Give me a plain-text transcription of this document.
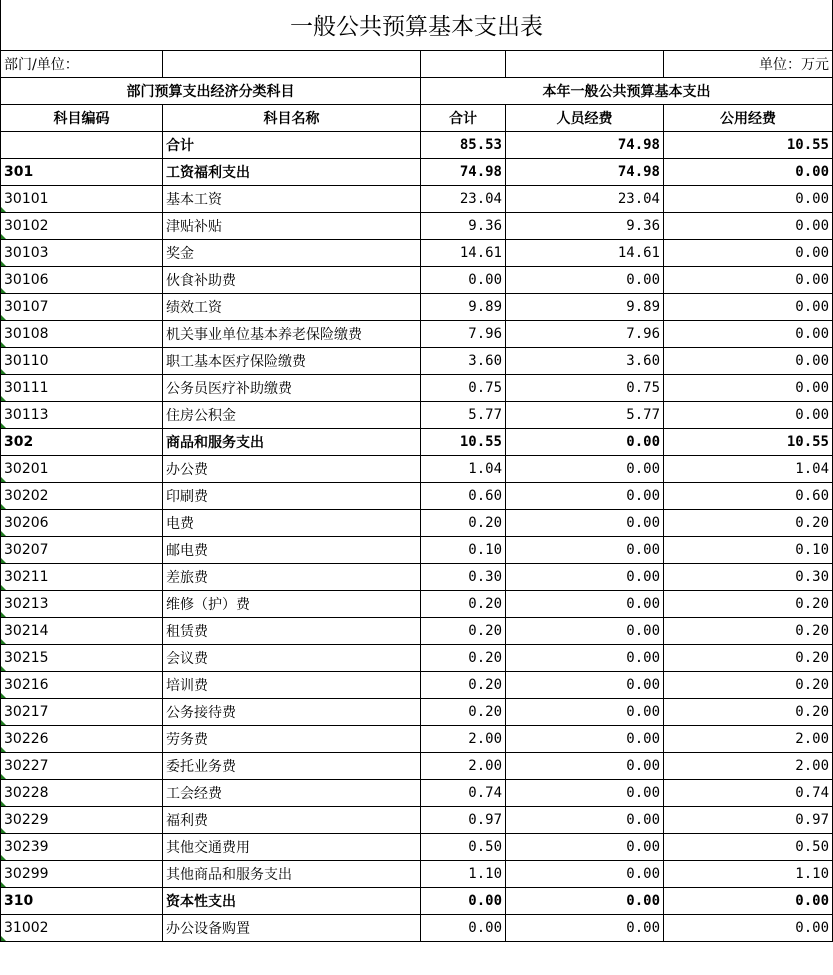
一般公共预算基本支出表				
部门/单位：				单位：万元
部门预算支出经济分类科目		本年一般公共预算基本支出		
科目编码	科目名称	合计	人员经费	公用经费
	合计	85.53	74.98	10.55
301	工资福利支出	74.98	74.98	0.00
30101	基本工资	23.04	23.04	0.00
30102	津贴补贴	9.36	9.36	0.00
30103	奖金	14.61	14.61	0.00
30106	伙食补助费	0.00	0.00	0.00
30107	绩效工资	9.89	9.89	0.00
30108	机关事业单位基本养老保险缴费	7.96	7.96	0.00
30110	职工基本医疗保险缴费	3.60	3.60	0.00
30111	公务员医疗补助缴费	0.75	0.75	0.00
30113	住房公积金	5.77	5.77	0.00
302	商品和服务支出	10.55	0.00	10.55
30201	办公费	1.04	0.00	1.04
30202	印刷费	0.60	0.00	0.60
30206	电费	0.20	0.00	0.20
30207	邮电费	0.10	0.00	0.10
30211	差旅费	0.30	0.00	0.30
30213	维修（护）费	0.20	0.00	0.20
30214	租赁费	0.20	0.00	0.20
30215	会议费	0.20	0.00	0.20
30216	培训费	0.20	0.00	0.20
30217	公务接待费	0.20	0.00	0.20
30226	劳务费	2.00	0.00	2.00
30227	委托业务费	2.00	0.00	2.00
30228	工会经费	0.74	0.00	0.74
30229	福利费	0.97	0.00	0.97
30239	其他交通费用	0.50	0.00	0.50
30299	其他商品和服务支出	1.10	0.00	1.10
310	资本性支出	0.00	0.00	0.00
31002	办公设备购置	0.00	0.00	0.00
